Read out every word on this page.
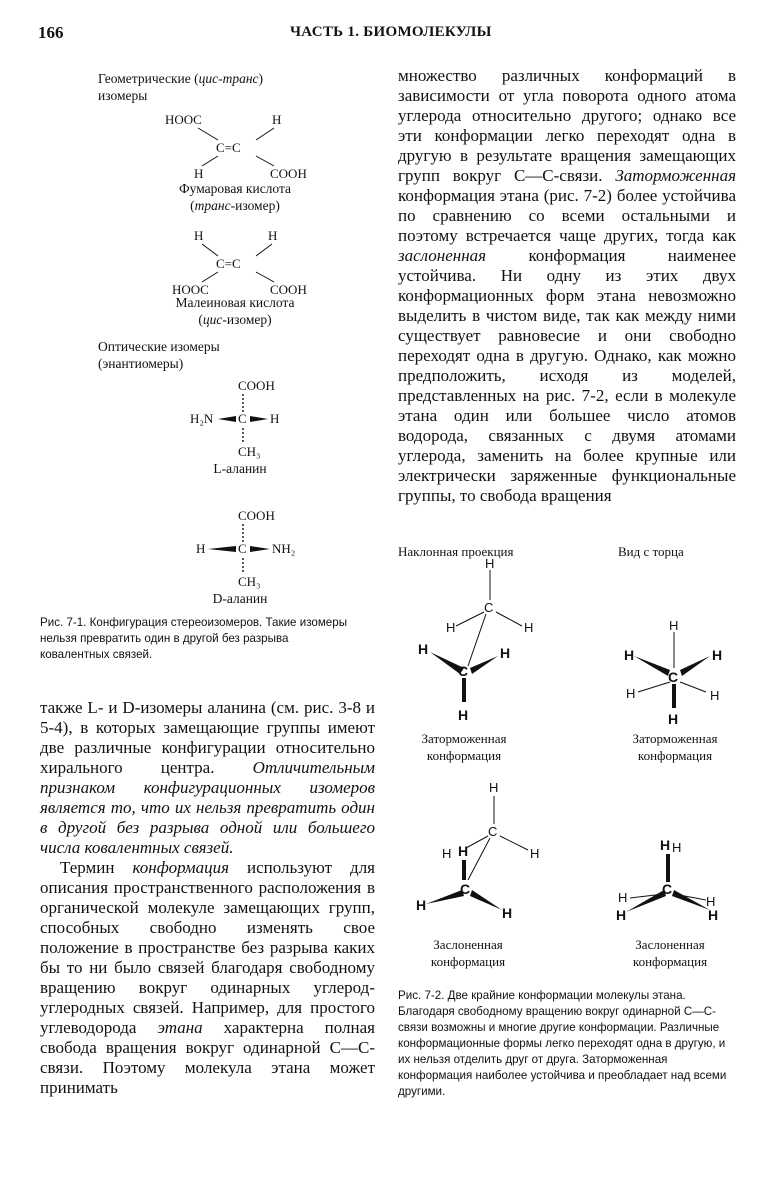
166	ЧАСТЬ 1. БИОМОЛЕКУЛЫ
Геометрические (цис-транс)
изомеры
HOOC	H
C=C
H	COOH
Фумаровая кислота
(транс-изомер)
H	H
C=C
HOOC	COOH
Малеиновая кислота
(цис-изомер)
Оптические изомеры
(энантиомеры)
COOH
H₂N C H
CH₃
L-аланин
COOH
H	C NH₂
CH₃
D-аланин
Рис. 7-1. Конфигурация стереоизомеров. Такие изомеры нельзя превратить один в другой без разрыва ковалентных связей.

также L- и D-изомеры аланина (см. рис. 3-8 и 5-4), в которых замещающие группы имеют две различные конфигурации относительно хирального центра. Отличительным признаком конфигурационных изомеров является то, что их нельзя превратить один в другой без разрыва одной или большего числа ковалентных связей.

Термин конформация используют для описания пространственного расположения в органической молекуле замещающих групп, способных свободно изменять свое положение в пространстве без разрыва каких бы то ни было связей благодаря свободному вращению вокруг одинарных углерод-углеродных связей. Например, для простого углеводорода этана характерна полная свобода вращения вокруг одинарной C—C-связи. Поэтому молекула этана может принимать

множество различных конформаций в зависимости от угла поворота одного атома углерода относительно другого; однако все эти конформации легко переходят одна в другую в результате вращения замещающих групп вокруг C—C-связи. Заторможенная конформация этана (рис. 7-2) более устойчива по сравнению со всеми остальными и поэтому встречается чаще других, тогда как заслоненная конформация наименее устойчива. Ни одну из этих двух конформационных форм этана невозможно выделить в чистом виде, так как между ними существует равновесие и они свободно переходят одна в другую. Однако, как можно предположить, исходя из моделей, представленных на рис. 7-2, если в молекуле этана один или большее число атомов водорода, связанных с двумя атомами углерода, заменить на более крупные или электрически заряженные функциональные группы, то свобода вращения

Наклонная проекция	Вид с торца
H
C
H	H
H	H
C
H
Заторможенная
конформация
H
H	H
C
H	H
H
Заторможенная
конформация
H
C
H H	H
C
H	H
Заслоненная
конформация
H H
C
H
H
H
H
Заслоненная
конформация
Рис. 7-2. Две крайние конформации молекулы этана. Благодаря свободному вращению вокруг одинарной C—C-связи возможны и многие другие конформации. Различные конформационные формы легко переходят одна в другую, и их нельзя отделить друг от друга. Заторможенная конформация наиболее устойчива и преобладает над всеми другими.
